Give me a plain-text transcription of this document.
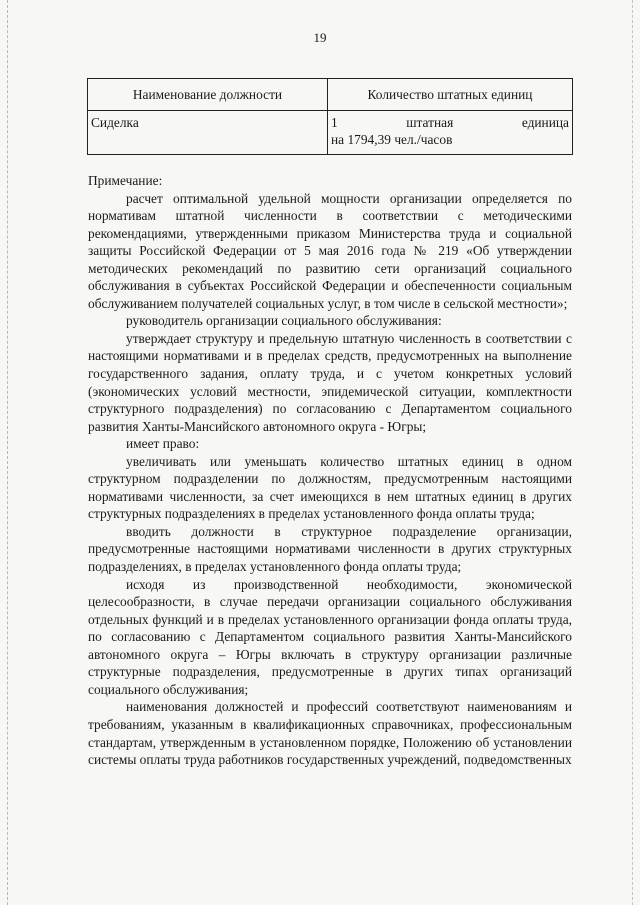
19
Наименование должности	Количество штатных единиц
Сиделка	1 штатная единица
на 1794,39 чел./часов

Примечание:

расчет оптимальной удельной мощности организации определяется по нормативам штатной численности в соответствии с методическими рекомендациями, утвержденными приказом Министерства труда и социальной защиты Российской Федерации от 5 мая 2016 года № 219 «Об утверждении методических рекомендаций по развитию сети организаций социального обслуживания в субъектах Российской Федерации и обеспеченности социальным обслуживанием получателей социальных услуг, в том числе в сельской местности»;

руководитель организации социального обслуживания:

утверждает структуру и предельную штатную численность в соответствии с настоящими нормативами и в пределах средств, предусмотренных на выполнение государственного задания, оплату труда, и с учетом конкретных условий (экономических условий местности, эпидемической ситуации, комплектности структурного подразделения) по согласованию с Департаментом социального развития Ханты-Мансийского автономного округа - Югры;

имеет право:

увеличивать или уменьшать количество штатных единиц в одном структурном подразделении по должностям, предусмотренным настоящими нормативами численности, за счет имеющихся в нем штатных единиц в других структурных подразделениях в пределах установленного фонда оплаты труда;

вводить должности в структурное подразделение организации, предусмотренные настоящими нормативами численности в других структурных подразделениях, в пределах установленного фонда оплаты труда;

исходя из производственной необходимости, экономической целесообразности, в случае передачи организации социального обслуживания отдельных функций и в пределах установленного организации фонда оплаты труда, по согласованию с Департаментом социального развития Ханты-Мансийского автономного округа – Югры включать в структуру организации различные структурные подразделения, предусмотренные в других типах организаций социального обслуживания;

наименования должностей и профессий соответствуют наименованиям и требованиям, указанным в квалификационных справочниках, профессиональным стандартам, утвержденным в установленном порядке, Положению об установлении системы оплаты труда работников государственных учреждений, подведомственных
